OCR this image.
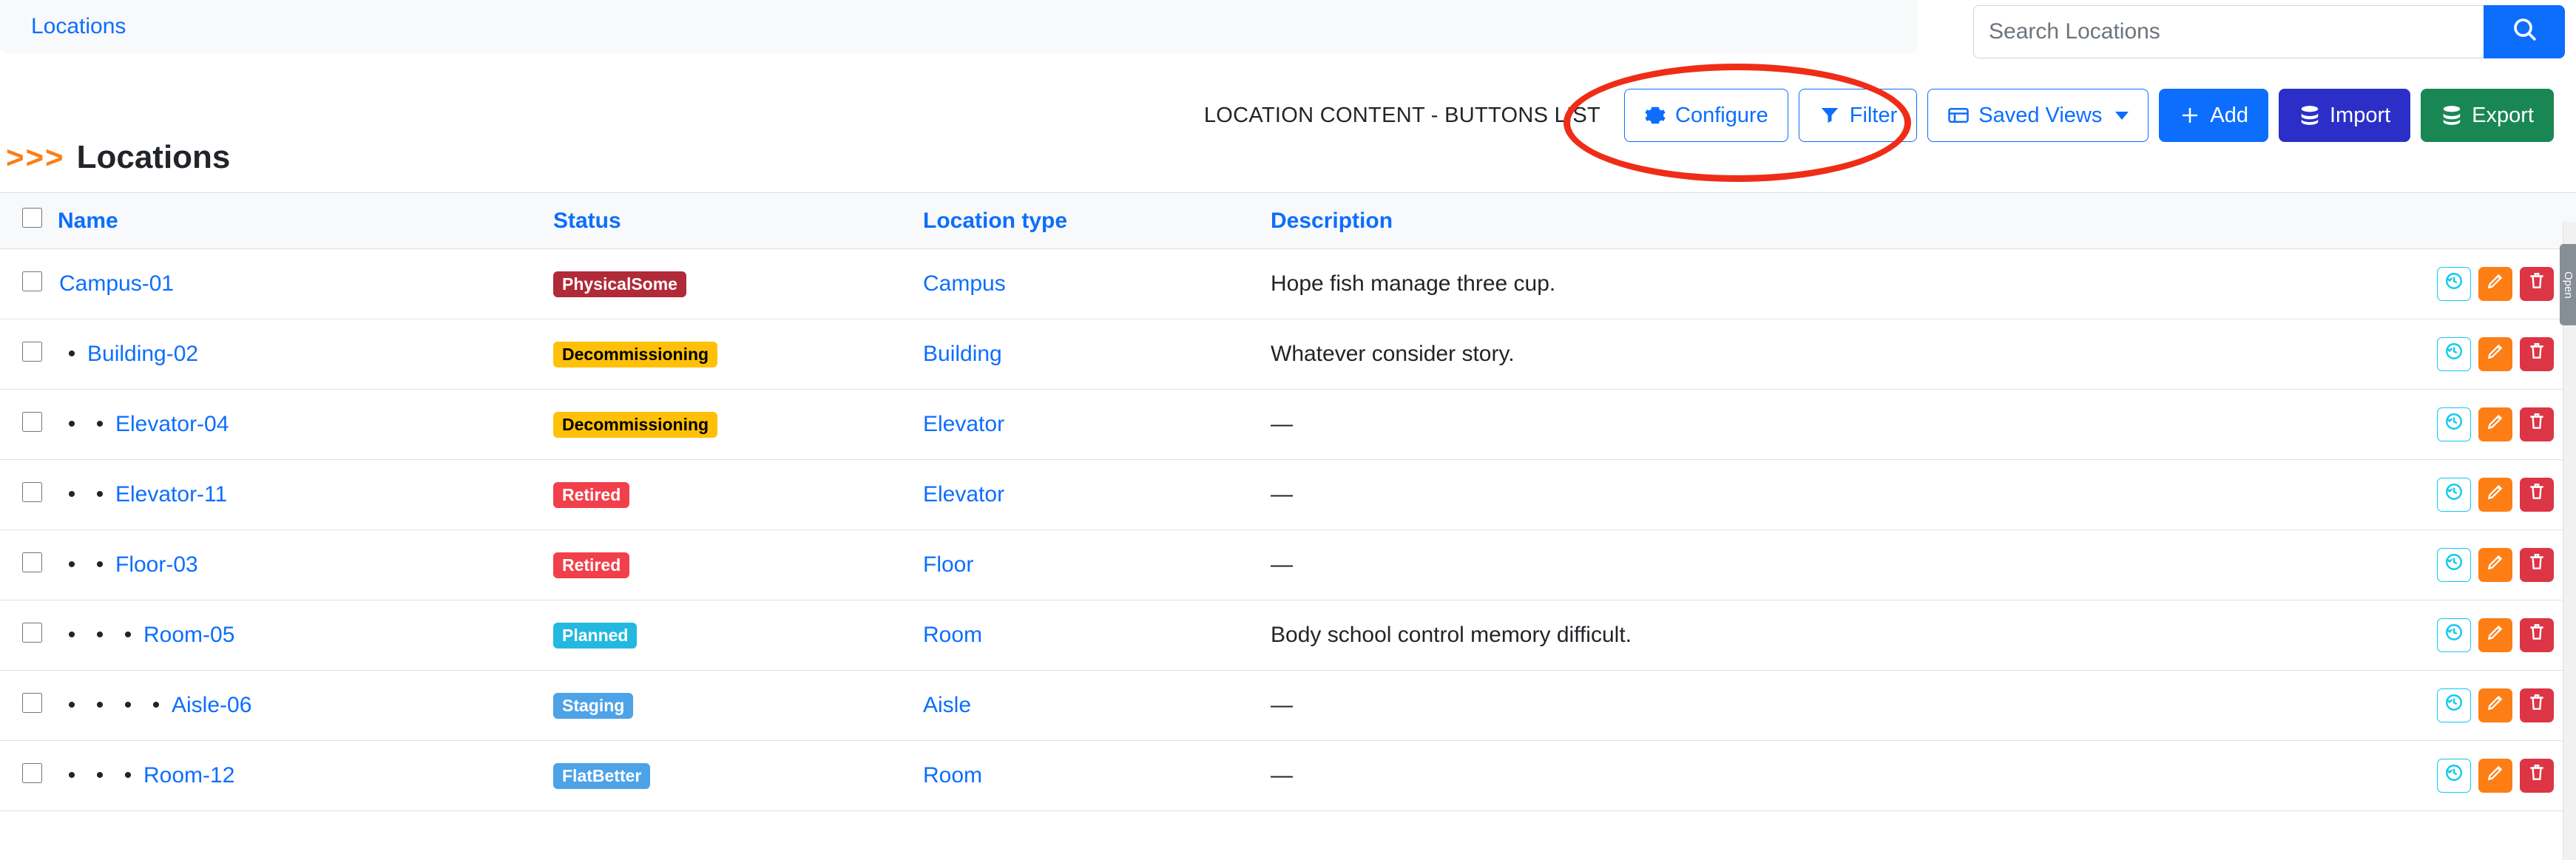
Locations
Search Locations
LOCATION CONTENT - BUTTONS LIST	Configure	Filter	Saved Views	Add	Import	Export
>>> Locations
	Name	Status	Location type	Description	

Campus-01	PhysicalSome	Campus	Hope fish manage three cup.	

• Building-02	Decommissioning	Building	Whatever consider story.	

• • Elevator-04	Decommissioning	Elevator	—	

• • Elevator-11	Retired	Elevator	—	

• • Floor-03	Retired	Floor	—	

• • • Room-05	Planned	Room	Body school control memory difficult.	

• • • • Aisle-06	Staging	Aisle	—	

• • • Room-12	FlatBetter	Room	—	
Open
